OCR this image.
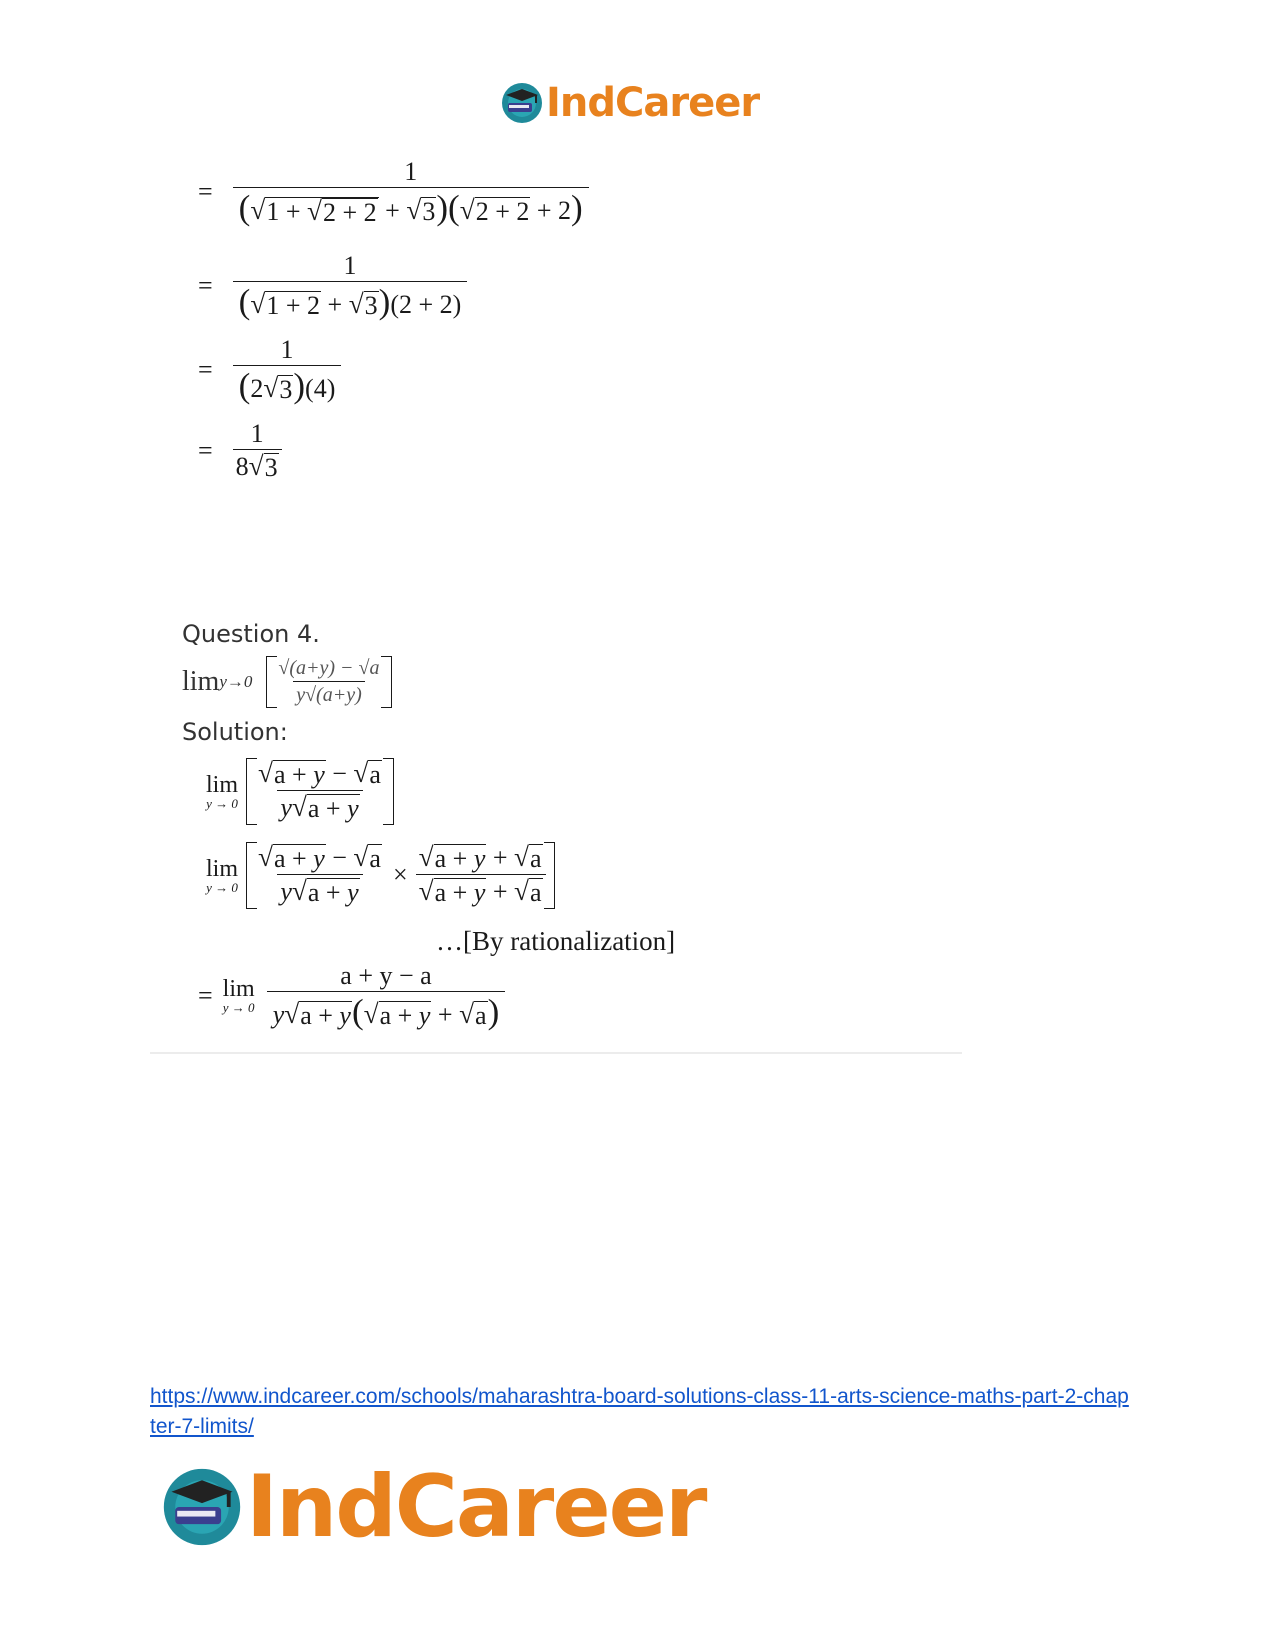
IndCareer
= $\frac{1}{( √ 1 + √ 2 + 2 + √ 3 )( √ 2 + 2 + 2)}$
= $\frac{1}{( √ 1 + 2 + √ 3 )(2 + 2)}$
= $\frac{1}{(2 √ 3 )(4)}$
= $\frac{1}{8 √ 3}$
Question 4.
$\lim y\to 0 \frac{√(a+y) - √a}{y√(a+y)}$
Solution:
lim
$y \to 0 \frac{√ a + y - √ a}{y √ a + y}$
lim
$y \to 0 \frac{√ a + y - √ a}{y √ a + y} \times \frac{√ a + y + √ a}{√ a + y + √ a}$
…[By rationalization]
= lim
$y \to 0 \frac{a + y - a}{y √ a + y ( √ a + y + √ a )}$
https://www.indcareer.com/schools/maharashtra-board-solutions-class-11-arts-science-maths-part-2-chapter-7-limits/
IndCareer
